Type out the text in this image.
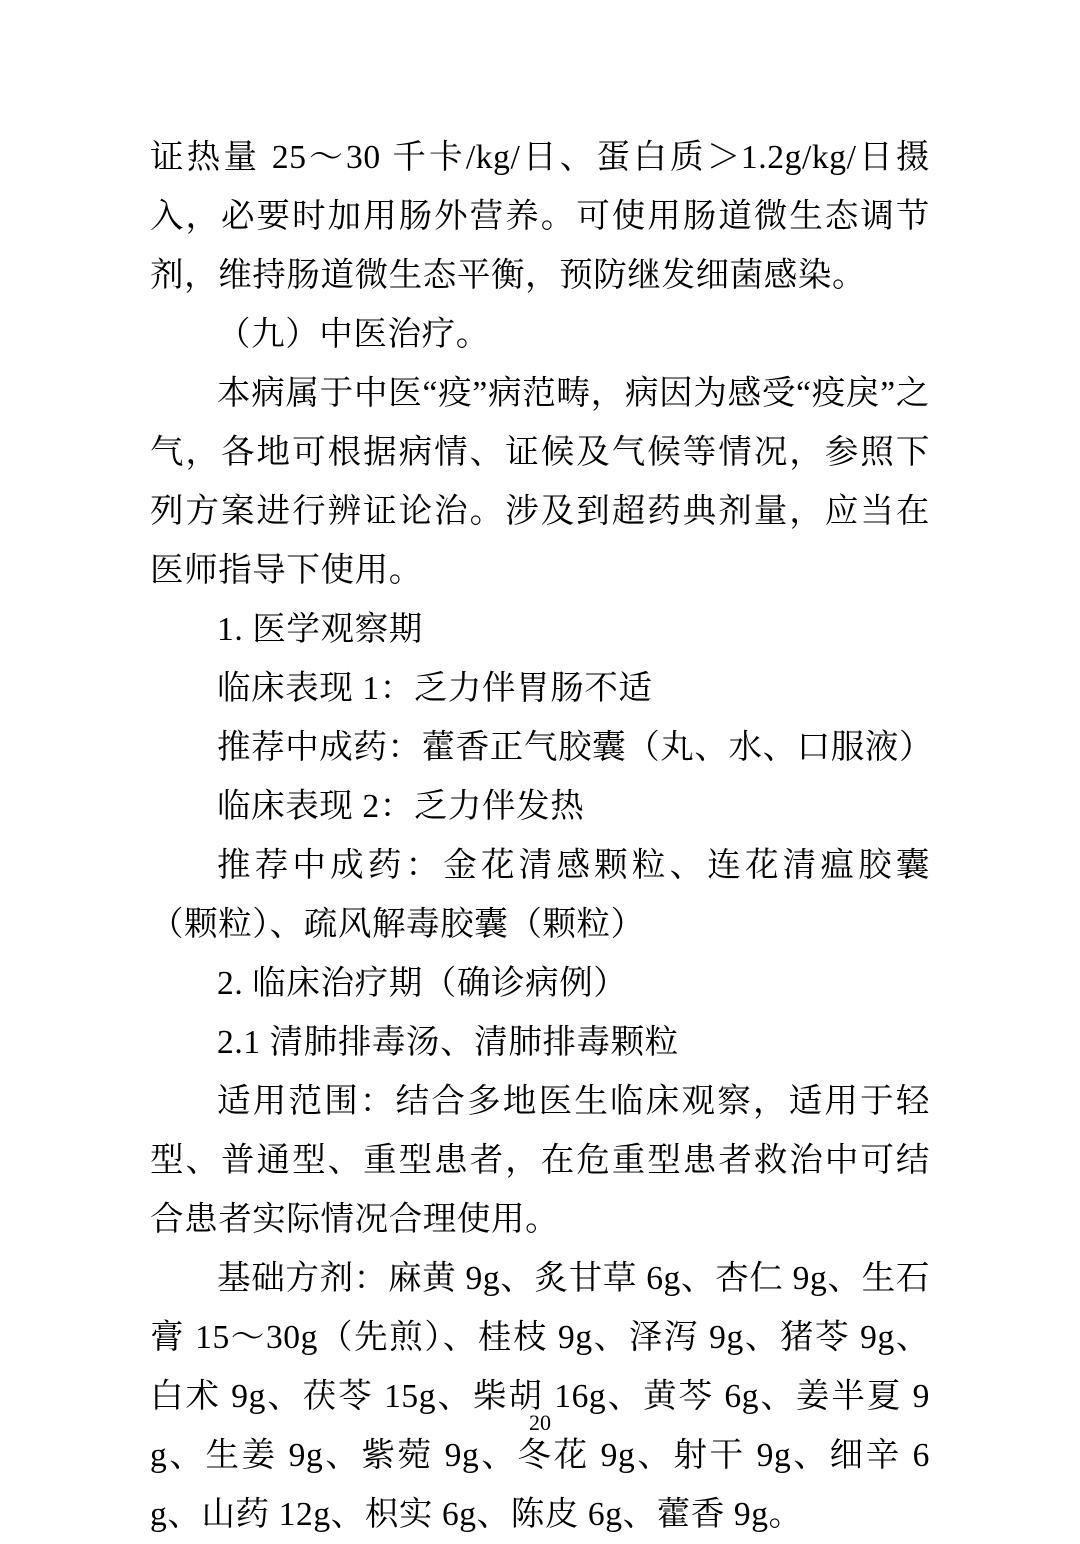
证热量 25～30 千卡/kg/日、蛋白质＞1.2g/kg/日摄入，必要时加用肠外营养。可使用肠道微生态调节剂，维持肠道微生态平衡，预防继发细菌感染。

（九）中医治疗。

本病属于中医“疫”病范畴，病因为感受“疫戾”之气，各地可根据病情、证候及气候等情况，参照下列方案进行辨证论治。涉及到超药典剂量，应当在医师指导下使用。

1. 医学观察期

临床表现 1：乏力伴胃肠不适

推荐中成药：藿香正气胶囊（丸、水、口服液）

临床表现 2：乏力伴发热

推荐中成药：金花清感颗粒、连花清瘟胶囊（颗粒）、疏风解毒胶囊（颗粒）

2. 临床治疗期（确诊病例）

2.1 清肺排毒汤、清肺排毒颗粒

适用范围：结合多地医生临床观察，适用于轻型、普通型、重型患者，在危重型患者救治中可结合患者实际情况合理使用。

基础方剂：麻黄 9g、炙甘草 6g、杏仁 9g、生石膏 15～30g（先煎）、桂枝 9g、泽泻 9g、猪苓 9g、白术 9g、茯苓 15g、柴胡 16g、黄芩 6g、姜半夏 9g、生姜 9g、紫菀 9g、冬花 9g、射干 9g、细辛 6g、山药 12g、枳实 6g、陈皮 6g、藿香 9g。

20
